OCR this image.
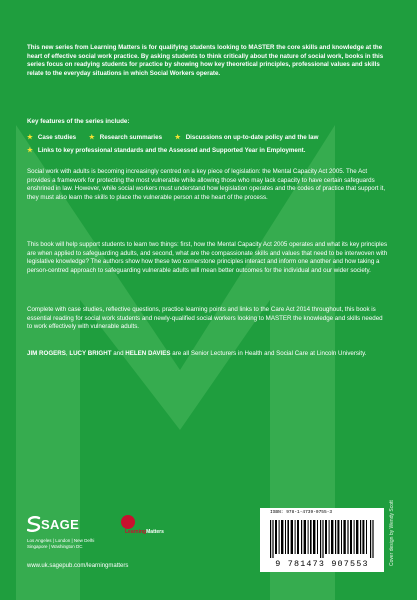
This new series from Learning Matters is for qualifying students looking to MASTER the core skills and knowledge at the heart of effective social work practice. By asking students to think critically about the nature of social work, books in this series focus on readying students for practice by showing how key theoretical principles, professional values and skills relate to the everyday situations in which Social Workers operate.
Key features of the series include:
★ Case studies ★ Research summaries ★ Discussions on up-to-date policy and the law
★ Links to key professional standards and the Assessed and Supported Year in Employment.
Social work with adults is becoming increasingly centred on a key piece of legislation: the Mental Capacity Act 2005. The Act provides a framework for protecting the most vulnerable while allowing those who may lack capacity to have certain safeguards enshrined in law. However, while social workers must understand how legislation operates and the codes of practice that support it, they must also learn the skills to place the vulnerable person at the heart of the process.
This book will help support students to learn two things: first, how the Mental Capacity Act 2005 operates and what its key principles are when applied to safeguarding adults, and second, what are the compassionate skills and values that need to be interwoven with legislative knowledge? The authors show how these two cornerstone principles interact and inform one another and how taking a person-centred approach to safeguarding vulnerable adults will mean better outcomes for the individual and our wider society.
Complete with case studies, reflective questions, practice learning points and links to the Care Act 2014 throughout, this book is essential reading for social work students and newly-qualified social workers looking to MASTER the knowledge and skills needed to work effectively with vulnerable adults.
JIM ROGERS, LUCY BRIGHT and HELEN DAVIES are all Senior Lecturers in Health and Social Care at Lincoln University.
Cover design by Wendy Scott
SAGE
Los Angeles | London | New Delhi
Singapore | Washington DC
LearningMatters
www.uk.sagepub.com/learningmatters
ISBN: 978-1-4739-0755-3
9 781473 907553
